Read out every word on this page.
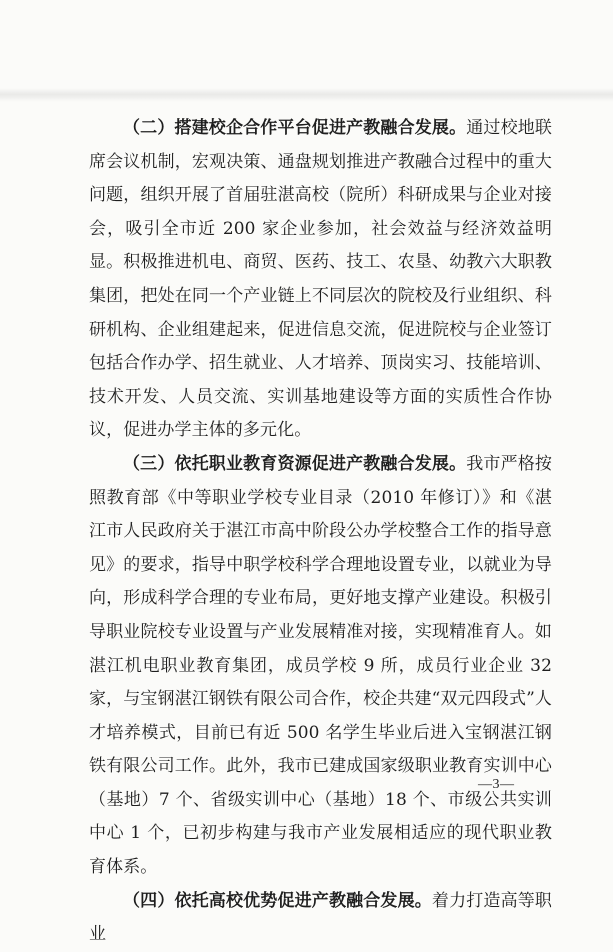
（二）搭建校企合作平台促进产教融合发展。通过校地联席会议机制，宏观决策、通盘规划推进产教融合过程中的重大问题，组织开展了首届驻湛高校（院所）科研成果与企业对接会，吸引全市近 200 家企业参加，社会效益与经济效益明显。积极推进机电、商贸、医药、技工、农垦、幼教六大职教集团，把处在同一个产业链上不同层次的院校及行业组织、科研机构、企业组建起来，促进信息交流，促进院校与企业签订包括合作办学、招生就业、人才培养、顶岗实习、技能培训、技术开发、人员交流、实训基地建设等方面的实质性合作协议，促进办学主体的多元化。

（三）依托职业教育资源促进产教融合发展。我市严格按照教育部《中等职业学校专业目录（2010 年修订）》和《湛江市人民政府关于湛江市高中阶段公办学校整合工作的指导意见》的要求，指导中职学校科学合理地设置专业，以就业为导向，形成科学合理的专业布局，更好地支撑产业建设。积极引导职业院校专业设置与产业发展精准对接，实现精准育人。如湛江机电职业教育集团，成员学校 9 所，成员行业企业 32 家，与宝钢湛江钢铁有限公司合作，校企共建“双元四段式”人才培养模式，目前已有近 500 名学生毕业后进入宝钢湛江钢铁有限公司工作。此外，我市已建成国家级职业教育实训中心（基地）7 个、省级实训中心（基地）18 个、市级公共实训中心 1 个，已初步构建与我市产业发展相适应的现代职业教育体系。

（四）依托高校优势促进产教融合发展。着力打造高等职业

—3—
